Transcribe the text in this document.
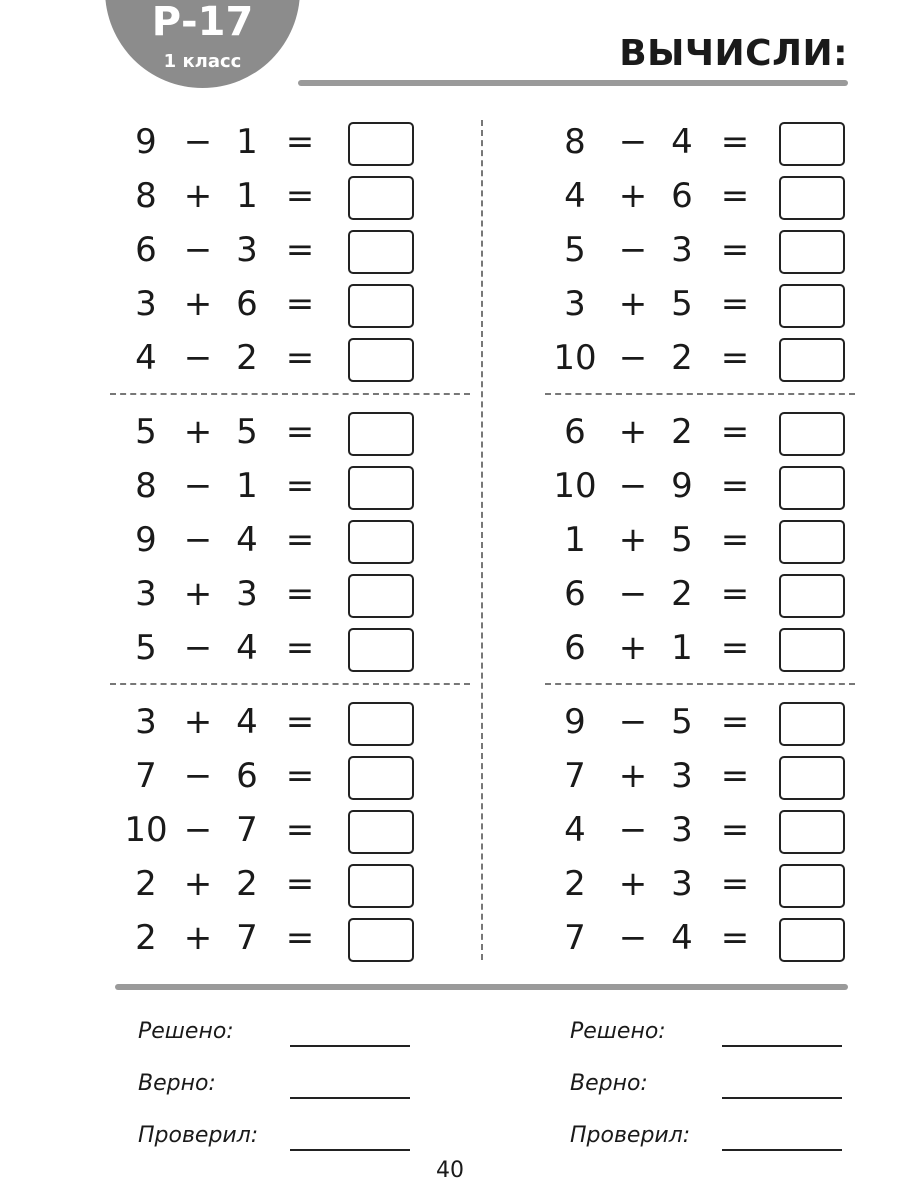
Р-17
1 класс	ВЫЧИСЛИ:
9 − 1 =
8 + 1 =
6 − 3 =
3 + 6 =
4 − 2 =
5 + 5 =
8 − 1 =
9 − 4 =
3 + 3 =
5 − 4 =
3 + 4 =
7 − 6 =
10 − 7 =
2 + 2 =
2 + 7 =
8 − 4 =
4 + 6 =
5 − 3 =
3 + 5 =
10 − 2 =
6 + 2 =
10 − 9 =
1 + 5 =
6 − 2 =
6 + 1 =
9 − 5 =
7 + 3 =
4 − 3 =
2 + 3 =
7 − 4 =
Решено:
Верно:
Проверил:
Решено:
Верно:
Проверил:
40
